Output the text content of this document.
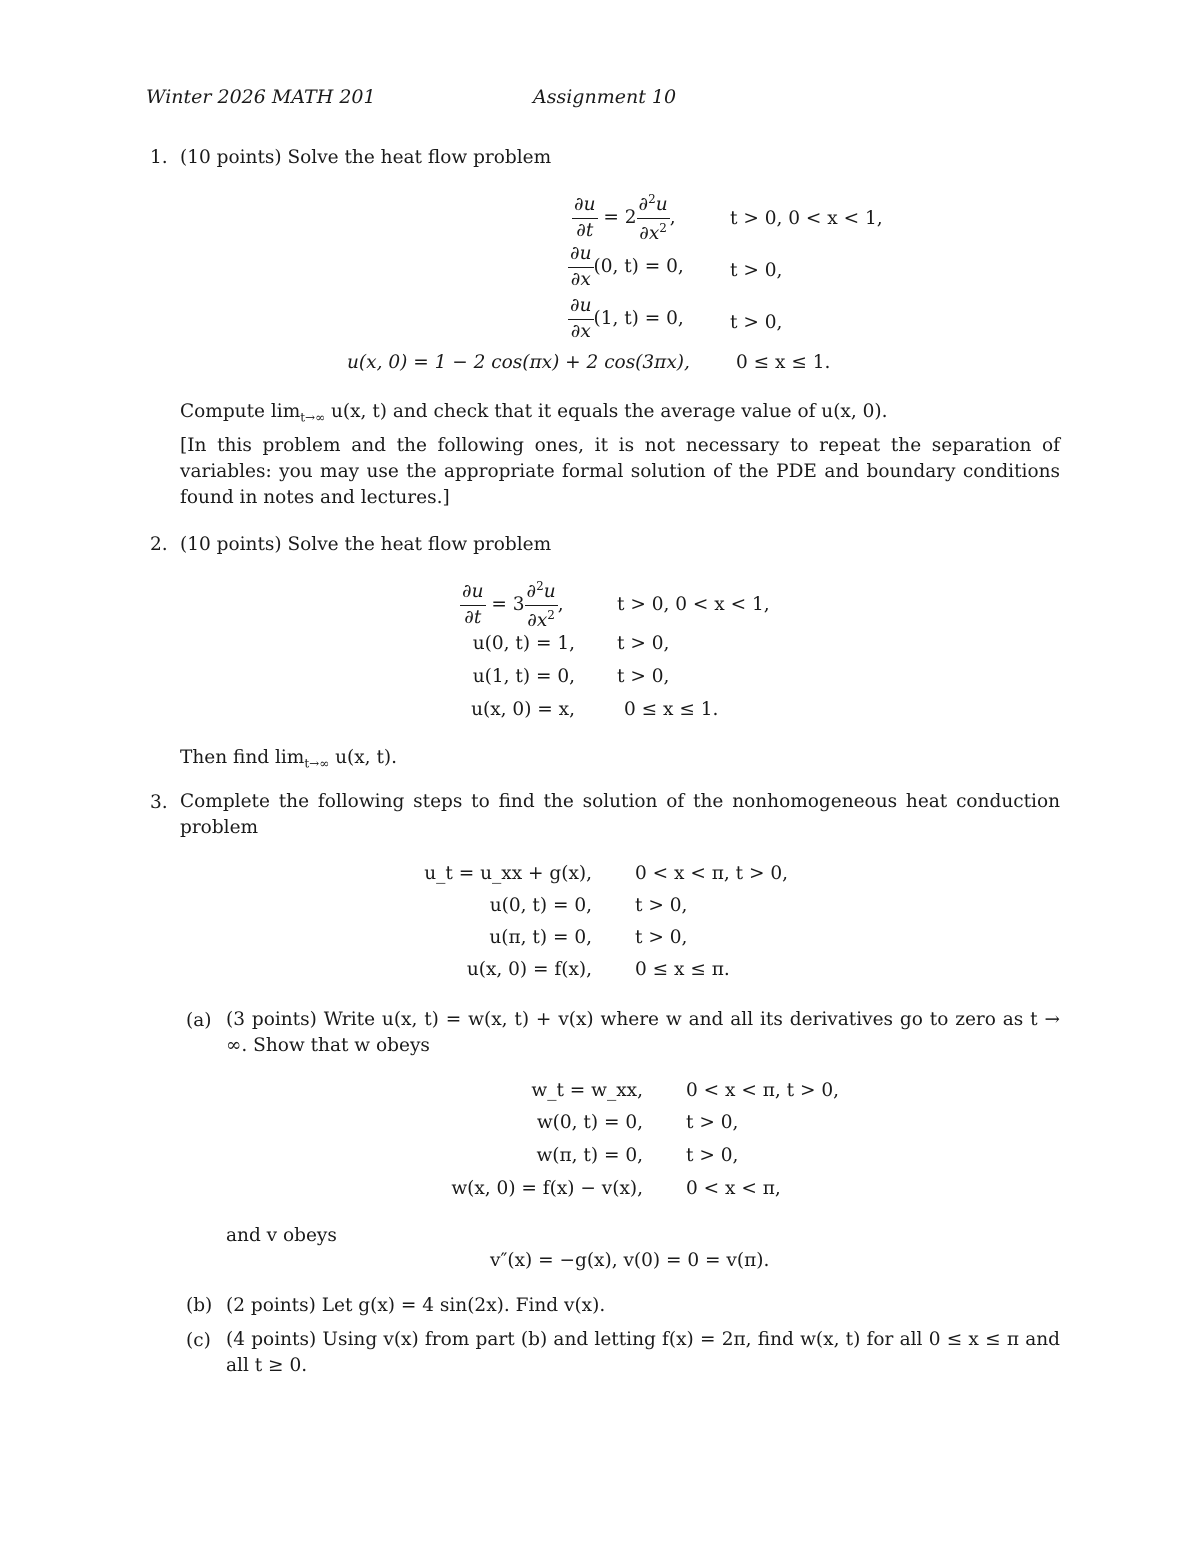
Winter 2026 MATH 201	Assignment 10
1. (10 points) Solve the heat flow problem
$\frac{\partial u}{\partial t} = 2 \frac{\partial^2u}{\partial x^2}$ ,	t > 0, 0 < x < 1,
$\frac{\partial u}{\partial x} (0$, t) = 0, t > 0,
$\frac{\partial u}{\partial x} (1$, t) = 0, t > 0,
u(x, 0) = 1 − 2 cos(πx) + 2 cos(3πx), 0 ≤ x ≤ 1.
Compute $\lim_{t\to\infty} u(x$, t) and check that it equals the average value of u(x, 0).
[In this problem and the following ones, it is not necessary to repeat the separation of variables: you may use the appropriate formal solution of the PDE and boundary conditions found in notes and lectures.]
2. (10 points) Solve the heat flow problem
$\frac{\partial u}{\partial t} = 3 \frac{\partial^2u}{\partial x^2}$ ,	t > 0, 0 < x < 1,
u(0, t) = 1, t > 0,
u(1, t) = 0, t > 0,
u(x, 0) = x,	0 ≤ x ≤ 1.
Then find $\lim_{t\to\infty} u(x$, t).
3. Complete the following steps to find the solution of the nonhomogeneous heat conduction problem
u_t = u_xx + g(x), 0 < x < π, t > 0,
u(0, t) = 0, t > 0,
u(π, t) = 0, t > 0,
u(x, 0) = f(x), 0 ≤ x ≤ π.
(a) (3 points) Write u(x, t) = w(x, t) + v(x) where w and all its derivatives go to zero as t → ∞. Show that w obeys
w_t = w_xx, 0 < x < π, t > 0,
w(0, t) = 0, t > 0,
w(π, t) = 0, t > 0,
w(x, 0) = f(x) − v(x), 0 < x < π,
and v obeys
v″(x) = −g(x), v(0) = 0 = v(π).
(b) (2 points) Let g(x) = 4 sin(2x). Find v(x).
(c) (4 points) Using v(x) from part (b) and letting f(x) = 2π, find w(x, t) for all 0 ≤ x ≤ π and all t ≥ 0.
